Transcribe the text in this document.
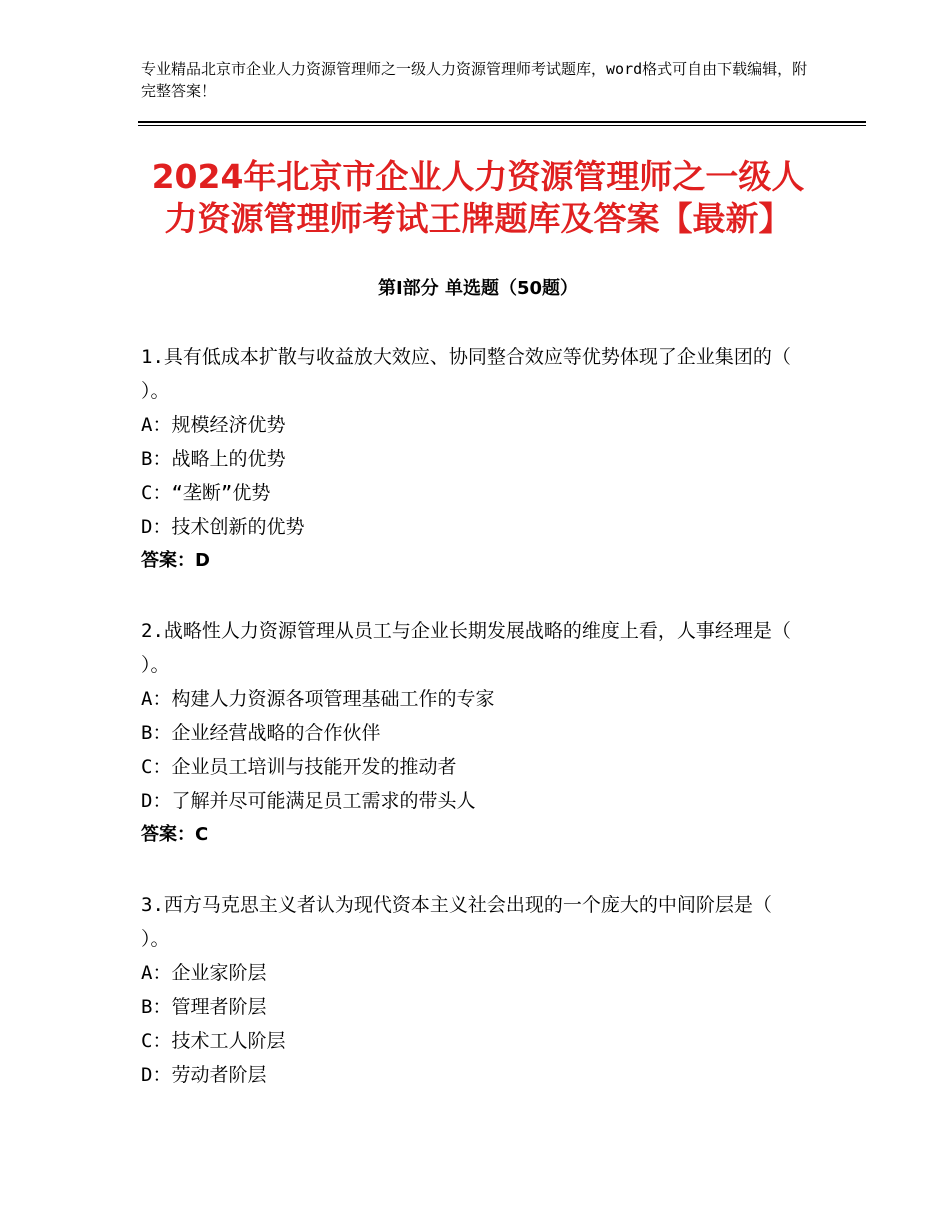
专业精品北京市企业人力资源管理师之一级人力资源管理师考试题库，word格式可自由下载编辑，附完整答案！
2024年北京市企业人力资源管理师之一级人力资源管理师考试王牌题库及答案【最新】
第Ⅰ部分 单选题（50题）

1.具有低成本扩散与收益放大效应、协同整合效应等优势体现了企业集团的（ ）。

A：规模经济优势

B：战略上的优势

C：“垄断”优势

D：技术创新的优势

答案：D

2.战略性人力资源管理从员工与企业长期发展战略的维度上看，人事经理是（ ）。

A：构建人力资源各项管理基础工作的专家

B：企业经营战略的合作伙伴

C：企业员工培训与技能开发的推动者

D：了解并尽可能满足员工需求的带头人

答案：C

3.西方马克思主义者认为现代资本主义社会出现的一个庞大的中间阶层是（ ）。

A：企业家阶层

B：管理者阶层

C：技术工人阶层

D：劳动者阶层
